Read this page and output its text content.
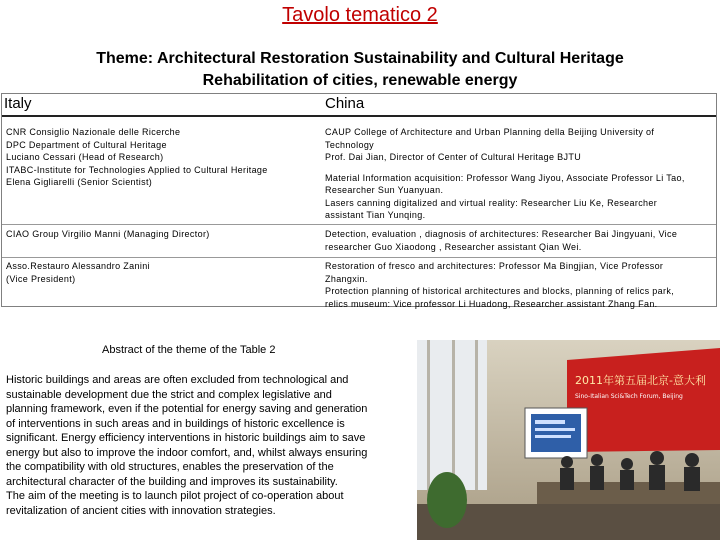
Tavolo tematico 2
Theme: Architectural Restoration Sustainability and Cultural Heritage
Rehabilitation of cities, renewable energy
Italy	China
CNR Consiglio Nazionale delle Ricerche
DPC Department of Cultural Heritage
Luciano Cessari (Head of Research)
ITABC-Institute for Technologies Applied to Cultural Heritage
Elena Gigliarelli (Senior Scientist)
CAUP College of Architecture and Urban Planning della Beijing University of
Technology
Prof. Dai Jian, Director of Center of Cultural Heritage BJTU
Material Information acquisition: Professor Wang Jiyou, Associate Professor Li Tao,
Researcher Sun Yuanyuan.
Lasers canning digitalized and virtual reality: Researcher Liu Ke, Researcher
assistant Tian Yunqing.
CIAO Group Virgilio Manni (Managing Director)	Detection, evaluation , diagnosis of architectures: Researcher Bai Jingyuani, Vice
researcher Guo Xiaodong , Researcher assistant Qian Wei.
Asso.Restauro Alessandro Zanini
(Vice President)
Restoration of fresco and architectures: Professor Ma Bingjian, Vice Professor
Zhangxin.
Protection planning of historical architectures and blocks, planning of relics park,
relics museum: Vice professor Li Huadong, Researcher assistant Zhang Fan.
Abstract of the theme of the Table 2
Historic buildings and areas are often excluded from technological and
sustainable development due the strict and complex legislative and
planning framework, even if the potential for energy saving and generation
of interventions in such areas and in buildings of historic excellence is
significant. Energy efficiency interventions in historic buildings aim to save
energy but also to improve the indoor comfort, and, whilst always ensuring
the compatibility with old structures, enables the preservation of the
architectural character of the building and improves its sustainability.
The aim of the meeting is to launch pilot project of co-operation about
revitalization of ancient cities with innovation strategies.
2011年第五届北京-意大利
Sino-Italian Sci&Tech Forum, Beijing
